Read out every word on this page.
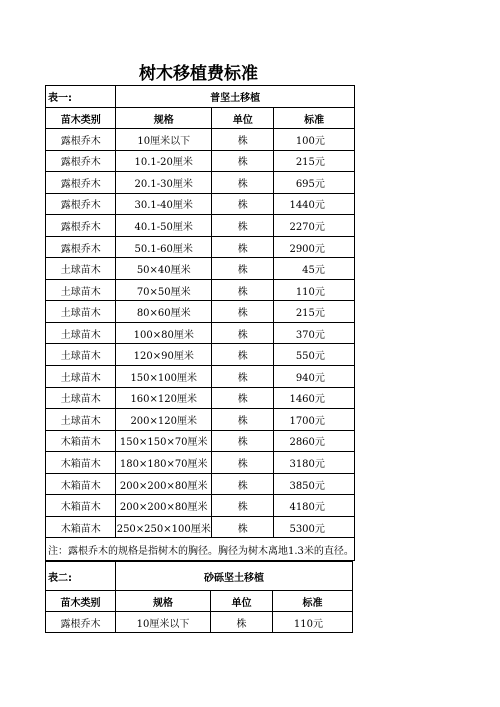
树木移植费标准
表一:	普坚土移植		
苗木类别	规格	单位	标准
露根乔木	10厘米以下	株	100元
露根乔木	10.1-20厘米	株	215元
露根乔木	20.1-30厘米	株	695元
露根乔木	30.1-40厘米	株	1440元
露根乔木	40.1-50厘米	株	2270元
露根乔木	50.1-60厘米	株	2900元
土球苗木	50×40厘米	株	45元
土球苗木	70×50厘米	株	110元
土球苗木	80×60厘米	株	215元
土球苗木	100×80厘米	株	370元
土球苗木	120×90厘米	株	550元
土球苗木	150×100厘米	株	940元
土球苗木	160×120厘米	株	1460元
土球苗木	200×120厘米	株	1700元
木箱苗木	150×150×70厘米	株	2860元
木箱苗木	180×180×70厘米	株	3180元
木箱苗木	200×200×80厘米	株	3850元
木箱苗木	200×200×80厘米	株	4180元
木箱苗木	250×250×100厘米	株	5300元
注：露根乔木的规格是指树木的胸径。胸径为树木离地1.3米的直径。			
表二:	砂砾坚土移植		
苗木类别	规格	单位	标准
露根乔木	10厘米以下	株	110元
